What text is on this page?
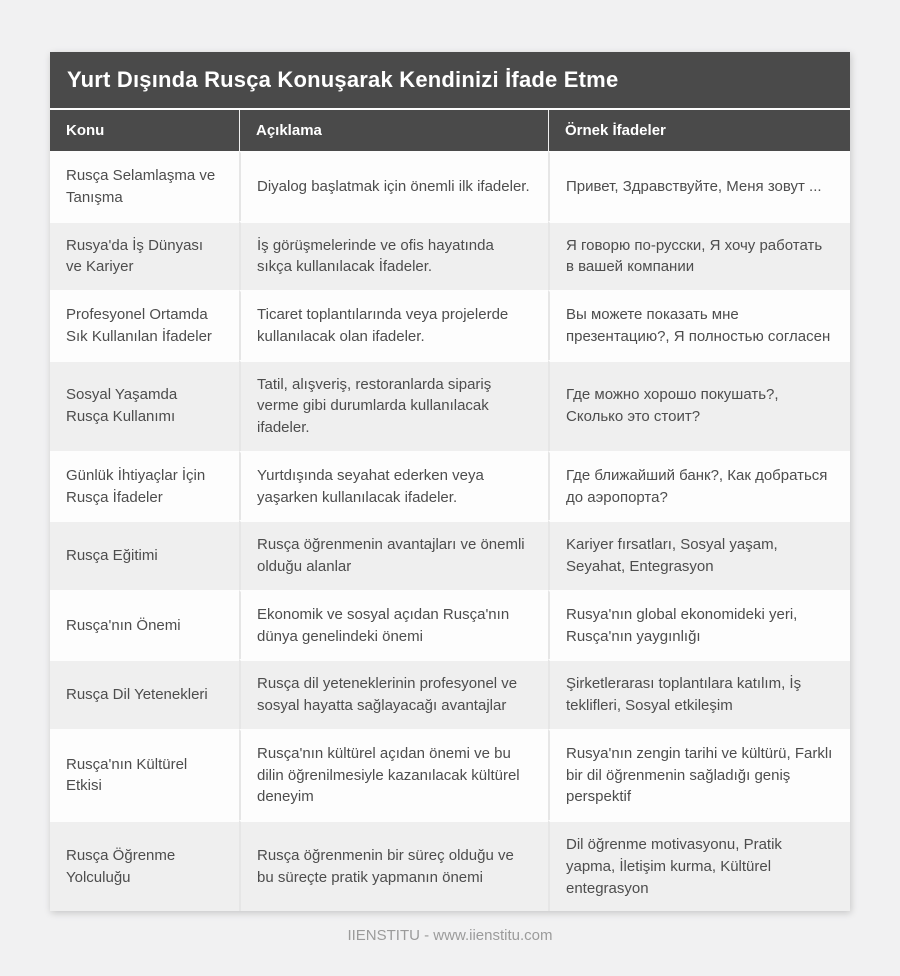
Yurt Dışında Rusça Konuşarak Kendinizi İfade Etme
Konu	Açıklama	Örnek İfadeler
Rusça Selamlaşma ve Tanışma	Diyalog başlatmak için önemli ilk ifadeler.	Привет, Здравствуйте, Меня зовут ...
Rusya'da İş Dünyası ve Kariyer	İş görüşmelerinde ve ofis hayatında sıkça kullanılacak İfadeler.	Я говорю по-русски, Я хочу работать в вашей компании
Profesyonel Ortamda Sık Kullanılan İfadeler	Ticaret toplantılarında veya projelerde kullanılacak olan ifadeler.	Вы можете показать мне презентацию?, Я полностью согласен
Sosyal Yaşamda Rusça Kullanımı	Tatil, alışveriş, restoranlarda sipariş verme gibi durumlarda kullanılacak ifadeler.	Где можно хорошо покушать?, Сколько это стоит?
Günlük İhtiyaçlar İçin Rusça İfadeler	Yurtdışında seyahat ederken veya yaşarken kullanılacak ifadeler.	Где ближайший банк?, Как добраться до аэропорта?
Rusça Eğitimi	Rusça öğrenmenin avantajları ve önemli olduğu alanlar	Kariyer fırsatları, Sosyal yaşam, Seyahat, Entegrasyon
Rusça'nın Önemi	Ekonomik ve sosyal açıdan Rusça'nın dünya genelindeki önemi	Rusya'nın global ekonomideki yeri, Rusça'nın yaygınlığı
Rusça Dil Yetenekleri	Rusça dil yeteneklerinin profesyonel ve sosyal hayatta sağlayacağı avantajlar	Şirketlerarası toplantılara katılım, İş teklifleri, Sosyal etkileşim
Rusça'nın Kültürel Etkisi	Rusça'nın kültürel açıdan önemi ve bu dilin öğrenilmesiyle kazanılacak kültürel deneyim	Rusya'nın zengin tarihi ve kültürü, Farklı bir dil öğrenmenin sağladığı geniş perspektif
Rusça Öğrenme Yolculuğu	Rusça öğrenmenin bir süreç olduğu ve bu süreçte pratik yapmanın önemi	Dil öğrenme motivasyonu, Pratik yapma, İletişim kurma, Kültürel entegrasyon
IIENSTITU - www.iienstitu.com
